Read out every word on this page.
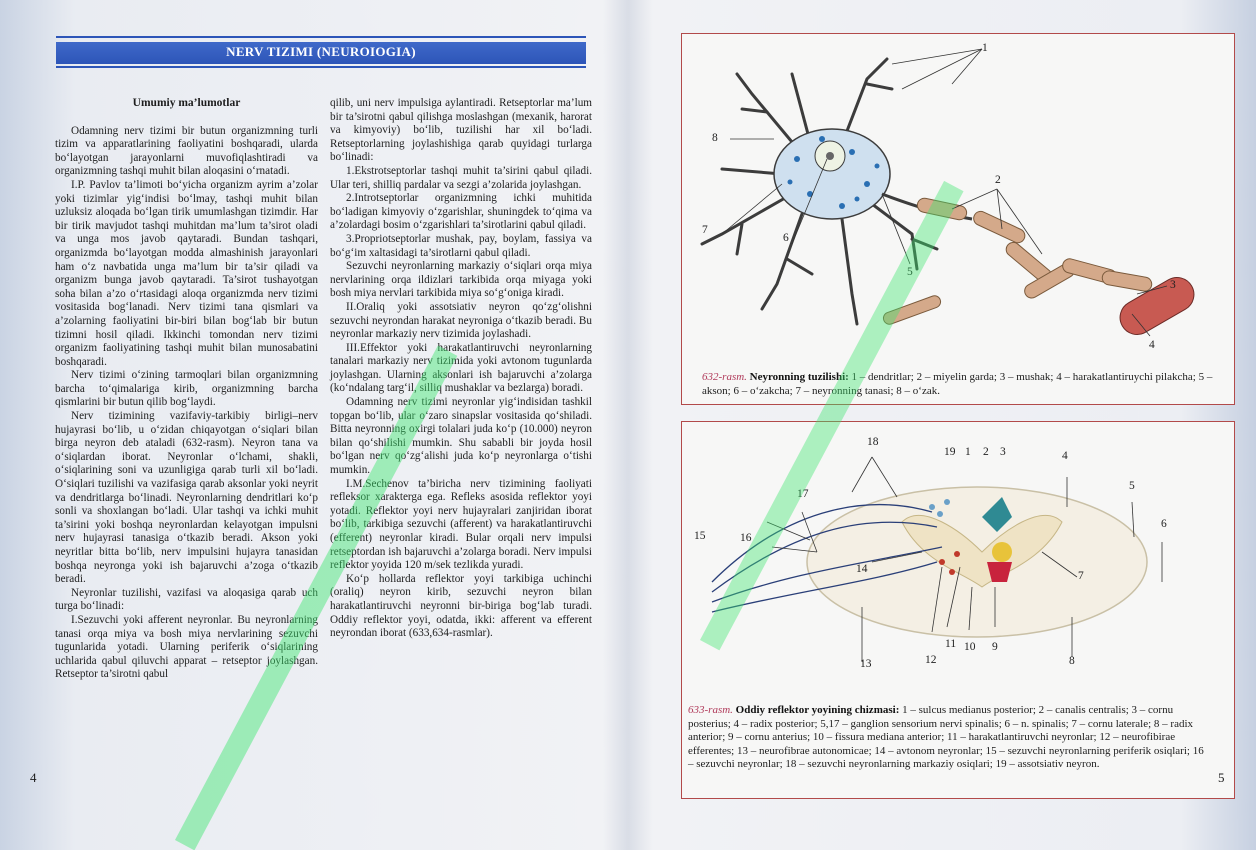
NERV TIZIMI (NEUROIOGIA)
Umumiy ma’lumotlar

Odamning nerv tizimi bir butun organizmning turli tizim va apparatlarining faoliyatini boshqaradi, ularda bo‘layotgan jarayonlarni muvofiqlashtiradi va organizmning tashqi muhit bilan aloqasini o‘rnatadi.

I.P. Pavlov ta’limoti bo‘yicha organizm ayrim a’zolar yoki tizimlar yig‘indisi bo‘lmay, tashqi muhit bilan uzluksiz aloqada bo‘lgan tirik umumlashgan tizimdir. Har bir tirik mavjudot tashqi muhitdan ma’lum ta’sirot oladi va unga mos javob qaytaradi. Bundan tashqari, organizmda bo‘layotgan modda almashinish jarayonlari ham o‘z navbatida unga ma’lum bir ta’sir qiladi va organizm bunga javob qaytaradi. Ta’sirot tushayotgan soha bilan a’zo o‘rtasidagi aloqa organizmda nerv tizimi vositasida bog‘lanadi. Nerv tizimi tana qismlari va a’zolarning faoliyatini bir-biri bilan bog‘lab bir butun tizimni hosil qiladi. Ikkinchi tomondan nerv tizimi organizm faoliyatining tashqi muhit bilan munosabatini boshqaradi.

Nerv tizimi o‘zining tarmoqlari bilan organizmning barcha to‘qimalariga kirib, organizmning barcha qismlarini bir butun qilib bog‘laydi.

Nerv tizimining vazifaviy-tarkibiy birligi–nerv hujayrasi bo‘lib, u o‘zidan chiqayotgan o‘siqlari bilan birga neyron deb ataladi (632-rasm). Neyron tana va o‘siqlardan iborat. Neyronlar o‘lchami, shakli, o‘siqlarining soni va uzunligiga qarab turli xil bo‘ladi. O‘siqlari tuzilishi va vazifasiga qarab aksonlar yoki neyrit va dendritlarga bo‘linadi. Neyronlarning dendritlari ko‘p sonli va shoxlangan bo‘ladi. Ular tashqi va ichki muhit ta’sirini yoki boshqa neyronlardan kelayotgan impulsni nerv hujayrasi tanasiga o‘tkazib beradi. Akson yoki neyritlar bitta bo‘lib, nerv impulsini hujayra tanasidan boshqa neyronga yoki ish bajaruvchi a’zoga o‘tkazib beradi.

Neyronlar tuzilishi, vazifasi va aloqasiga qarab uch turga bo‘linadi:

I.Sezuvchi yoki afferent neyronlar. Bu neyronlarning tanasi orqa miya va bosh miya nervlarining sezuvchi tugunlarida yotadi. Ularning periferik o‘siqlarining uchlarida qabul qiluvchi apparat – retseptor joylashgan. Retseptor ta’sirotni qabul

qilib, uni nerv impulsiga aylantiradi. Retseptorlar ma’lum bir ta’sirotni qabul qilishga moslashgan (mexanik, harorat va kimyoviy) bo‘lib, tuzilishi har xil bo‘ladi. Retseptorlarning joylashishiga qarab quyidagi turlarga bo‘linadi:

1.Ekstrotseptorlar tashqi muhit ta’sirini qabul qiladi. Ular teri, shilliq pardalar va sezgi a’zolarida joylashgan.

2.Introtseptorlar organizmning ichki muhitida bo‘ladigan kimyoviy o‘zgarishlar, shuningdek to‘qima va a’zolardagi bosim o‘zgarishlari ta’sirotlarini qabul qiladi.

3.Propriotseptorlar mushak, pay, boylam, fassiya va bo‘g‘im xaltasidagi ta’sirotlarni qabul qiladi.

Sezuvchi neyronlarning markaziy o‘siqlari orqa miya nervlarining orqa ildizlari tarkibida orqa miyaga yoki bosh miya nervlari tarkibida miya so‘g‘oniga kiradi.

II.Oraliq yoki assotsiativ neyron qo‘zg‘olishni sezuvchi neyrondan harakat neyroniga o‘tkazib beradi. Bu neyronlar markaziy nerv tizimida joylashadi.

III.Effektor yoki harakatlantiruvchi neyronlarning tanalari markaziy nerv tizimida yoki avtonom tugunlarda joylashgan. Ularning aksonlari ish bajaruvchi a’zolarga (ko‘ndalang targ‘il, silliq mushaklar va bezlarga) boradi.

Odamning nerv tizimi neyronlar yig‘indisidan tashkil topgan bo‘lib, ular o‘zaro sinapslar vositasida qo‘shiladi. Bitta neyronning oxirgi tolalari juda ko‘p (10.000) neyron bilan qo‘shilishi mumkin. Shu sababli bir joyda hosil bo‘lgan nerv qo‘zg‘alishi juda ko‘p neyronlarga o‘tishi mumkin.

I.M.Sechenov ta’biricha nerv tizimining faoliyati refleksor xarakterga ega. Refleks asosida reflektor yoyi yotadi. Reflektor yoyi nerv hujayralari zanjiridan iborat bo‘lib, tarkibiga sezuvchi (afferent) va harakatlantiruvchi (efferent) neyronlar kiradi. Bular orqali nerv impulsi retseptordan ish bajaruvchi a’zolarga boradi. Nerv impulsi reflektor yoyida 120 m/sek tezlikda yuradi.

Ko‘p hollarda reflektor yoyi tarkibiga uchinchi (oraliq) neyron kirib, sezuvchi neyron bilan harakatlantiruvchi neyronni bir-biriga bog‘lab turadi. Oddiy reflektor yoyi, odatda, ikki: afferent va efferent neyrondan iborat (633,634-rasmlar).

4
1
2
3
4
5
6
7
8
632-rasm. Neyronning tuzilishi: 1 – dendritlar; 2 – miyelin garda; 3 – mushak; 4 – harakatlantiruychi pilakcha; 5 – akson; 6 – o‘zakcha; 7 – neyronning tanasi; 8 – o‘zak.
18
19 1 2 3	4
5
6
17
15	16
14
7
13	12
11 10 9
8
633-rasm. Oddiy reflektor yoyining chizmasi: 1 – sulcus medianus posterior; 2 – canalis centralis; 3 – cornu posterius; 4 – radix posterior; 5,17 – ganglion sensorium nervi spinalis; 6 – n. spinalis; 7 – cornu laterale; 8 – radix anterior; 9 – cornu anterius; 10 – fissura mediana anterior; 11 – harakatlantiruvchi neyronlar; 12 – neurofibirae efferentes; 13 – neurofibrae autonomicae; 14 – avtonom neyronlar; 15 – sezuvchi neyronlarning periferik osiqlari; 16 – sezuvchi neyronlar; 18 – sezuvchi neyronlarning markaziy osiqlari; 19 – assotsiativ neyron.
5
